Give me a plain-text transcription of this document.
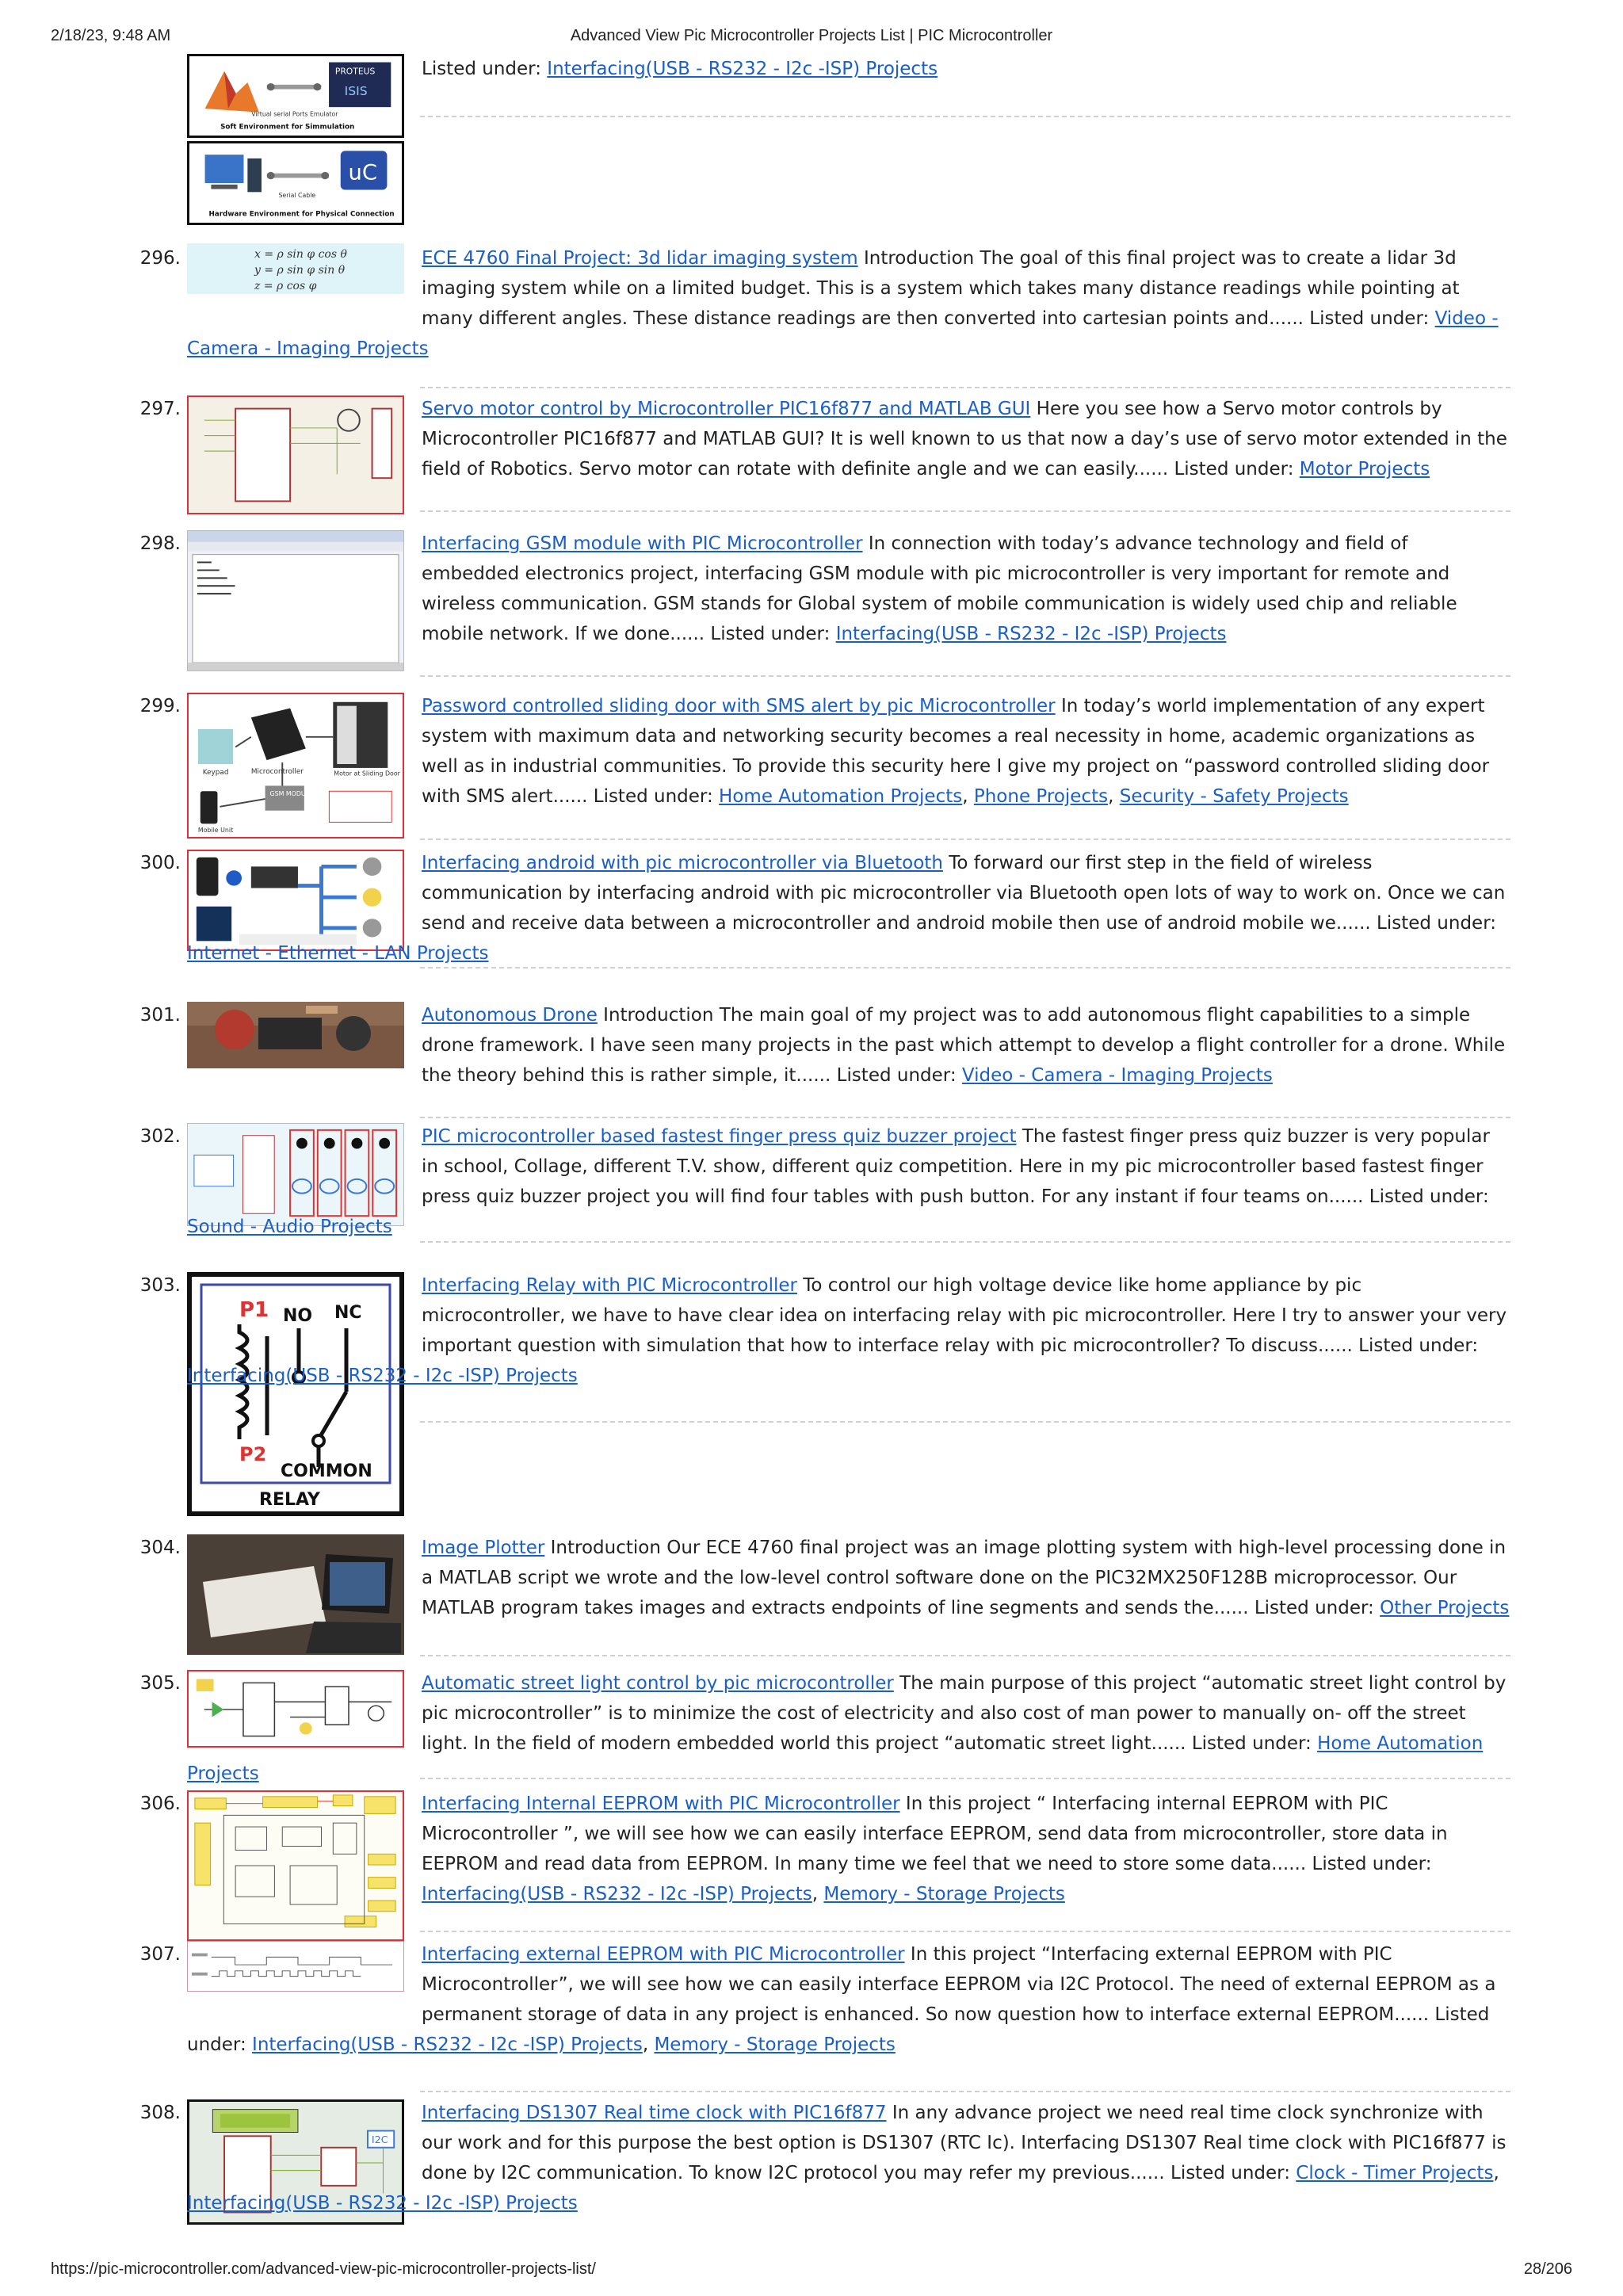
2/18/23, 9:48 AM	Advanced View Pic Microcontroller Projects List | PIC Microcontroller
PROTEUS
ISIS
Virtual serial Ports Emulator
Soft Environment for Simmulation
uC
Serial Cable
Hardware Environment for Physical Connection

Listed under: Interfacing(USB - RS232 - I2c -ISP) Projects

296.	x = ρ sin φ cos θ
y = ρ sin φ sin θ
z = ρ cos φ

ECE 4760 Final Project: 3d lidar imaging system Introduction The goal of this final project was to create a lidar 3d imaging system while on a limited budget. This is a system which takes many distance readings while pointing at many different angles. These distance readings are then converted into cartesian points and...... Listed under: Video - Camera - Imaging Projects

297.	Servo motor control by Microcontroller PIC16f877 and MATLAB GUI Here you see how a Servo motor controls by Microcontroller PIC16f877 and MATLAB GUI? It is well known to us that now a day’s use of servo motor extended in the field of Robotics. Servo motor can rotate with definite angle and we can easily...... Listed under: Motor Projects

298.	Interfacing GSM module with PIC Microcontroller In connection with today’s advance technology and field of embedded electronics project, interfacing GSM module with pic microcontroller is very important for remote and wireless communication. GSM stands for Global system of mobile communication is widely used chip and reliable mobile network. If we done...... Listed under: Interfacing(USB - RS232 - I2c -ISP) Projects

299.
Keypad	Microcontroller	Motor at Sliding Door
GSM MODULE
Mobile Unit

Password controlled sliding door with SMS alert by pic Microcontroller In today’s world implementation of any expert system with maximum data and networking security becomes a real necessity in home, academic organizations as well as in industrial communities. To provide this security here I give my project on “password controlled sliding door with SMS alert...... Listed under: Home Automation Projects, Phone Projects, Security - Safety Projects

300.	Interfacing android with pic microcontroller via Bluetooth To forward our first step in the field of wireless communication by interfacing android with pic microcontroller via Bluetooth open lots of way to work on. Once we can send and receive data between a microcontroller and android mobile then use of android mobile we...... Listed under: Internet - Ethernet - LAN Projects

301.	Autonomous Drone Introduction The main goal of my project was to add autonomous flight capabilities to a simple drone framework. I have seen many projects in the past which attempt to develop a flight controller for a drone. While the theory behind this is rather simple, it...... Listed under: Video - Camera - Imaging Projects

302.	PIC microcontroller based fastest finger press quiz buzzer project The fastest finger press quiz buzzer is very popular in school, Collage, different T.V. show, different quiz competition. Here in my pic microcontroller based fastest finger press quiz buzzer project you will find four tables with push button. For any instant if four teams on...... Listed under: Sound - Audio Projects

303.
P1 NO NC
P2
COMMON
RELAY

Interfacing Relay with PIC Microcontroller To control our high voltage device like home appliance by pic microcontroller, we have to have clear idea on interfacing relay with pic microcontroller. Here I try to answer your very important question with simulation that how to interface relay with pic microcontroller? To discuss...... Listed under: Interfacing(USB - RS232 - I2c -ISP) Projects

304.	Image Plotter Introduction Our ECE 4760 final project was an image plotting system with high-level processing done in a MATLAB script we wrote and the low-level control software done on the PIC32MX250F128B microprocessor. Our MATLAB program takes images and extracts endpoints of line segments and sends the...... Listed under: Other Projects

305.	Automatic street light control by pic microcontroller The main purpose of this project “automatic street light control by pic microcontroller” is to minimize the cost of electricity and also cost of man power to manually on- off the street light. In the field of modern embedded world this project “automatic street light...... Listed under: Home Automation Projects

306.	Interfacing Internal EEPROM with PIC Microcontroller In this project “ Interfacing internal EEPROM with PIC Microcontroller ”, we will see how we can easily interface EEPROM, send data from microcontroller, store data in EEPROM and read data from EEPROM. In many time we feel that we need to store some data...... Listed under: Interfacing(USB - RS232 - I2c -ISP) Projects, Memory - Storage Projects

307.	Interfacing external EEPROM with PIC Microcontroller In this project “Interfacing external EEPROM with PIC Microcontroller”, we will see how we can easily interface EEPROM via I2C Protocol. The need of external EEPROM as a permanent storage of data in any project is enhanced. So now question how to interface external EEPROM...... Listed under: Interfacing(USB - RS232 - I2c -ISP) Projects, Memory - Storage Projects

308.
I2C

Interfacing DS1307 Real time clock with PIC16f877 In any advance project we need real time clock synchronize with our work and for this purpose the best option is DS1307 (RTC Ic). Interfacing DS1307 Real time clock with PIC16f877 is done by I2C communication. To know I2C protocol you may refer my previous...... Listed under: Clock - Timer Projects, Interfacing(USB - RS232 - I2c -ISP) Projects

https://pic-microcontroller.com/advanced-view-pic-microcontroller-projects-list/	28/206
